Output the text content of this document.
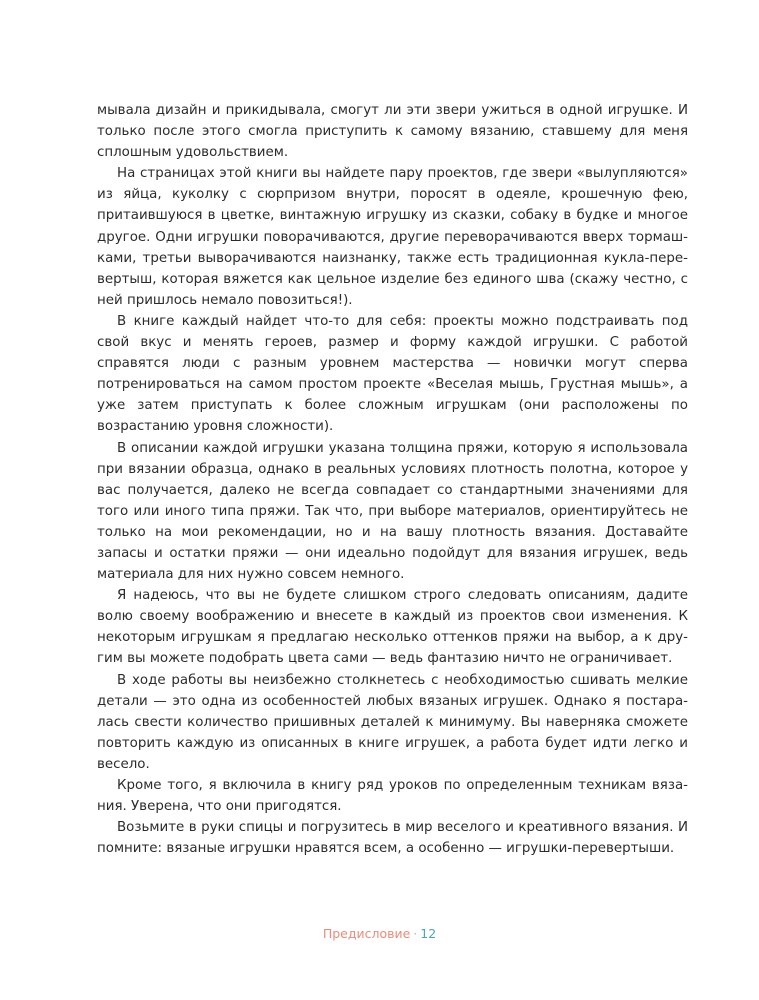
мывала дизайн и прикидывала, смогут ли эти звери ужиться в одной игрушке. И только после этого смогла приступить к самому вязанию, ставшему для меня сплошным удовольствием.

На страницах этой книги вы найдете пару проектов, где звери «вылупляются» из яйца, куколку с сюрпризом внутри, поросят в одеяле, крошечную фею, притаившуюся в цветке, винтажную игрушку из сказки, собаку в будке и многое другое. Одни игрушки поворачиваются, другие переворачиваются вверх тормашками, третьи выворачиваются наизнанку, также есть традиционная кукла-перевертыш, которая вяжется как цельное изделие без единого шва (скажу честно, с ней пришлось немало повозиться!).

В книге каждый найдет что-то для себя: проекты можно подстраивать под свой вкус и менять героев, размер и форму каждой игрушки. С работой справятся люди с разным уровнем мастерства — новички могут сперва потренироваться на самом простом проекте «Веселая мышь, Грустная мышь», а уже затем приступать к более сложным игрушкам (они расположены по возрастанию уровня сложности).

В описании каждой игрушки указана толщина пряжи, которую я использовала при вязании образца, однако в реальных условиях плотность полотна, которое у вас получается, далеко не всегда совпадает со стандартными значениями для того или иного типа пряжи. Так что, при выборе материалов, ориентируйтесь не только на мои рекомендации, но и на вашу плотность вязания. Доставайте запасы и остатки пряжи — они идеально подойдут для вязания игрушек, ведь материала для них нужно совсем немного.

Я надеюсь, что вы не будете слишком строго следовать описаниям, дадите волю своему воображению и внесете в каждый из проектов свои изменения. К некоторым игрушкам я предлагаю несколько оттенков пряжи на выбор, а к другим вы можете подобрать цвета сами — ведь фантазию ничто не ограничивает.

В ходе работы вы неизбежно столкнетесь с необходимостью сшивать мелкие детали — это одна из особенностей любых вязаных игрушек. Однако я постаралась свести количество пришивных деталей к минимуму. Вы наверняка сможете повторить каждую из описанных в книге игрушек, а работа будет идти легко и весело.

Кроме того, я включила в книгу ряд уроков по определенным техникам вязания. Уверена, что они пригодятся.

Возьмите в руки спицы и погрузитесь в мир веселого и креативного вязания. И помните: вязаные игрушки нравятся всем, а особенно — игрушки-перевертыши.

Предисловие · 12
